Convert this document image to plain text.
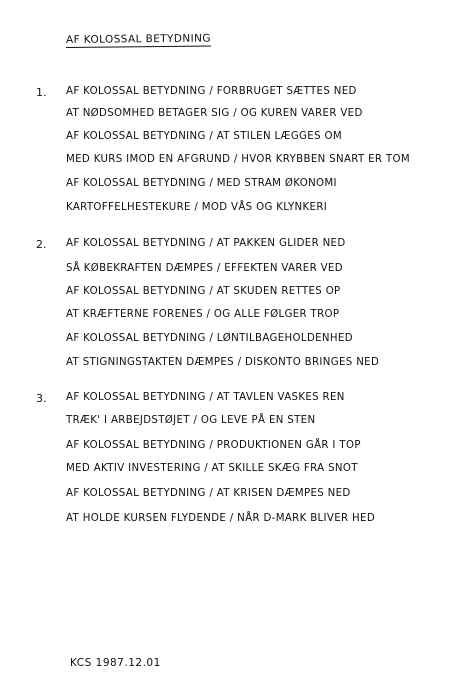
AF KOLOSSAL BETYDNING
1. AF KOLOSSAL BETYDNING / FORBRUGET SÆTTES NED
AT NØDSOMHED BETAGER SIG / OG KUREN VARER VED
AF KOLOSSAL BETYDNING / AT STILEN LÆGGES OM
MED KURS IMOD EN AFGRUND / HVOR KRYBBEN SNART ER TOM
AF KOLOSSAL BETYDNING / MED STRAM ØKONOMI
KARTOFFELHESTEKURE / MOD VÅS OG KLYNKERI
2. AF KOLOSSAL BETYDNING / AT PAKKEN GLIDER NED
SÅ KØBEKRAFTEN DÆMPES / EFFEKTEN VARER VED
AF KOLOSSAL BETYDNING / AT SKUDEN RETTES OP
AT KRÆFTERNE FORENES / OG ALLE FØLGER TROP
AF KOLOSSAL BETYDNING / LØNTILBAGEHOLDENHED
AT STIGNINGSTAKTEN DÆMPES / DISKONTO BRINGES NED
3. AF KOLOSSAL BETYDNING / AT TAVLEN VASKES REN
TRÆK' I ARBEJDSTØJET / OG LEVE PÅ EN STEN
AF KOLOSSAL BETYDNING / PRODUKTIONEN GÅR I TOP
MED AKTIV INVESTERING / AT SKILLE SKÆG FRA SNOT
AF KOLOSSAL BETYDNING / AT KRISEN DÆMPES NED
AT HOLDE KURSEN FLYDENDE / NÅR D-MARK BLIVER HED
KCS 1987.12.01
